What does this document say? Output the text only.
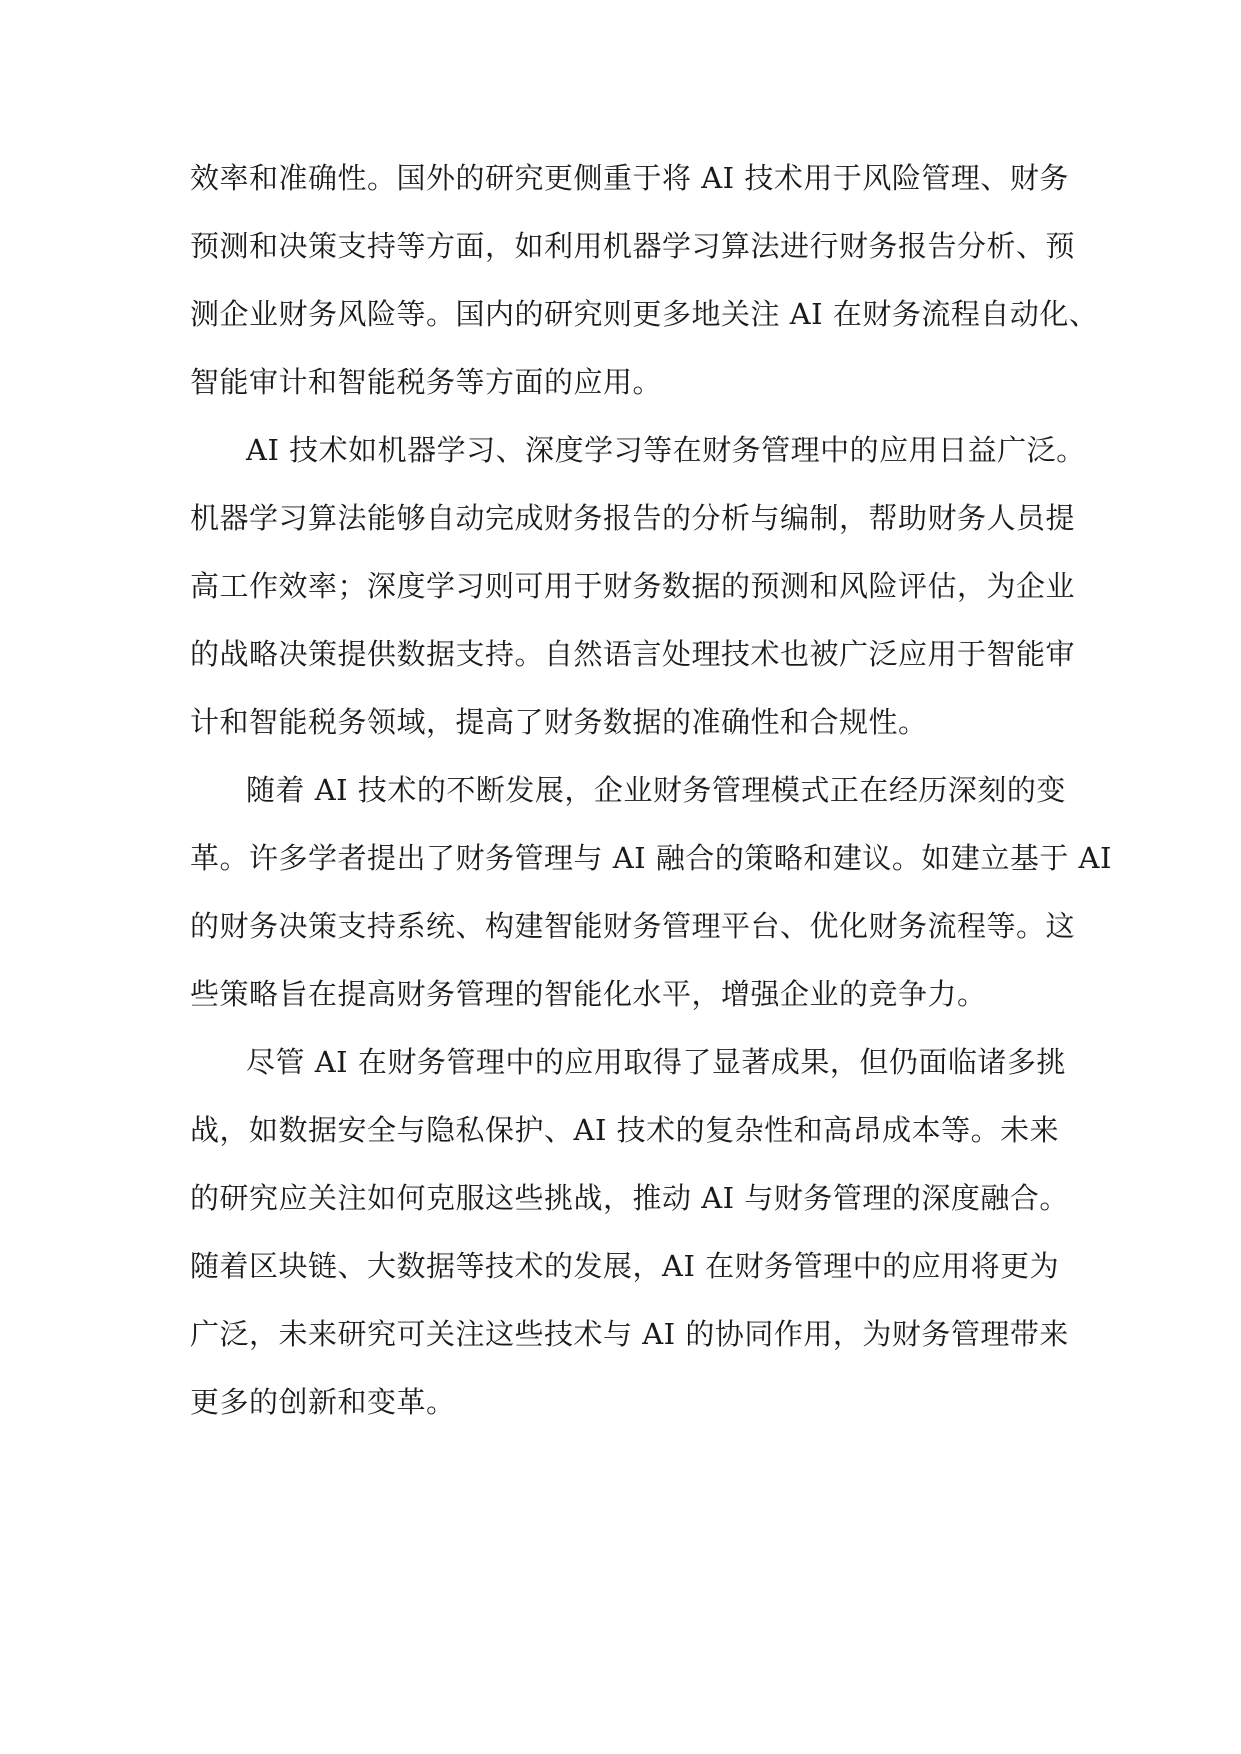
效率和准确性。国外的研究更侧重于将 AI 技术用于风险管理、财务
预测和决策支持等方面，如利用机器学习算法进行财务报告分析、预
测企业财务风险等。国内的研究则更多地关注 AI 在财务流程自动化、
智能审计和智能税务等方面的应用。
AI 技术如机器学习、深度学习等在财务管理中的应用日益广泛。
机器学习算法能够自动完成财务报告的分析与编制，帮助财务人员提
高工作效率；深度学习则可用于财务数据的预测和风险评估，为企业
的战略决策提供数据支持。自然语言处理技术也被广泛应用于智能审
计和智能税务领域，提高了财务数据的准确性和合规性。
随着 AI 技术的不断发展，企业财务管理模式正在经历深刻的变
革。许多学者提出了财务管理与 AI 融合的策略和建议。如建立基于 AI
的财务决策支持系统、构建智能财务管理平台、优化财务流程等。这
些策略旨在提高财务管理的智能化水平，增强企业的竞争力。
尽管 AI 在财务管理中的应用取得了显著成果，但仍面临诸多挑
战，如数据安全与隐私保护、AI 技术的复杂性和高昂成本等。未来
的研究应关注如何克服这些挑战，推动 AI 与财务管理的深度融合。
随着区块链、大数据等技术的发展，AI 在财务管理中的应用将更为
广泛，未来研究可关注这些技术与 AI 的协同作用，为财务管理带来
更多的创新和变革。
